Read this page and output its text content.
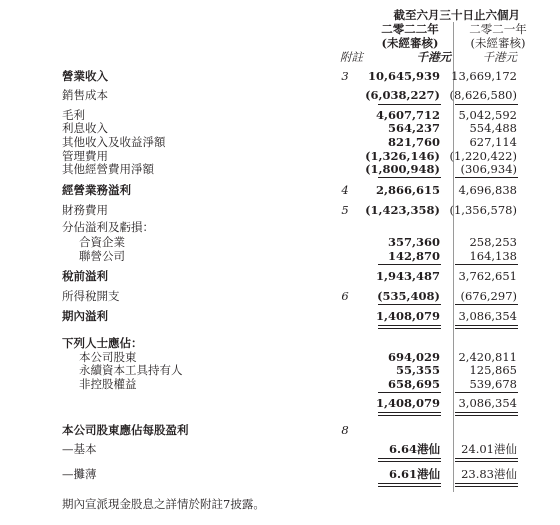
截至六月三十日止六個月
二零二二年	二零二一年
(未經審核)	(未經審核)
附註	千港元	千港元
營業收入	3	10,645,939 13,669,172
銷售成本	(6,038,227) (8,626,580)
毛利	4,607,712	5,042,592
利息收入	564,237	554,488
其他收入及收益淨額	821,760	627,114
管理費用	(1,326,146) (1,220,422)
其他經營費用淨額	(1,800,948)	(306,934)
經營業務溢利	4	2,866,615	4,696,838
財務費用	5	(1,423,358) (1,356,578)
分佔溢利及虧損：
合資企業	357,360	258,253
聯營公司	142,870	164,138
稅前溢利	1,943,487	3,762,651
所得稅開支	6	(535,408)	(676,297)
期內溢利	1,408,079	3,086,354
下列人士應佔：
本公司股東	694,029	2,420,811
永續資本工具持有人	55,355	125,865
非控股權益	658,695	539,678
1,408,079	3,086,354
本公司股東應佔每股盈利	8
—基本	6.64港仙	24.01港仙
—攤薄	6.61港仙	23.83港仙
期內宣派現金股息之詳情於附註7披露。
